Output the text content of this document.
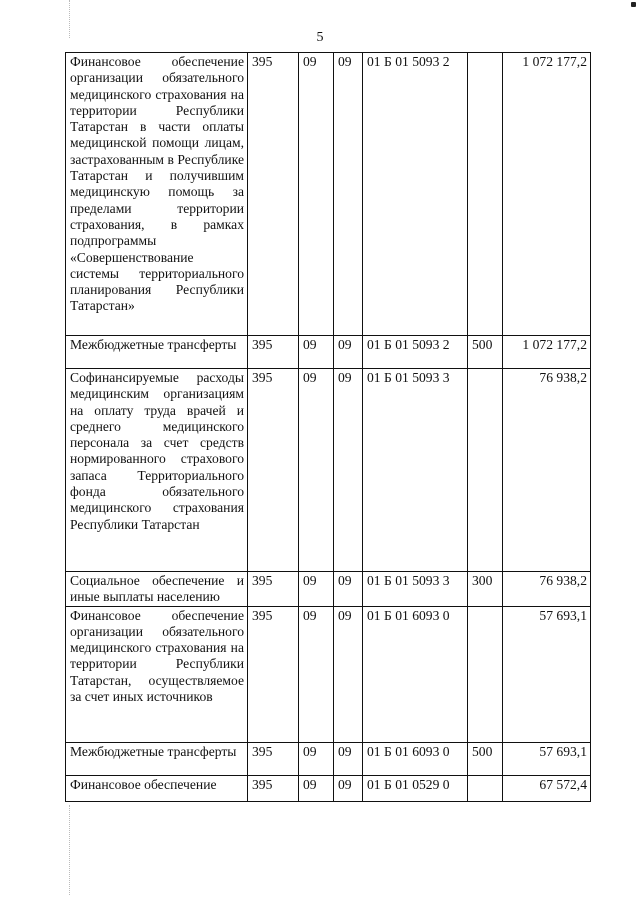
5
Финансовое обеспечение организации обязательного медицинского страхования на территории Республики Татарстан в части оплаты медицинской помощи лицам, застрахованным в Республике Татарстан и получившим медицинскую помощь за пределами территории страхования, в рамках подпрограммы «Совершенствование системы территориального планирования Республики Татарстан»	395	09	09	01 Б 01 5093 2		1 072 177,2
Межбюджетные трансферты	395	09	09	01 Б 01 5093 2	500	1 072 177,2
Софинансируемые расходы медицинским организациям на оплату труда врачей и среднего медицинского персонала за счет средств нормированного страхового запаса Территориального фонда обязательного медицинского страхования Республики Татарстан	395	09	09	01 Б 01 5093 3		76 938,2
Социальное обеспечение и иные выплаты населению	395	09	09	01 Б 01 5093 3	300	76 938,2
Финансовое обеспечение организации обязательного медицинского страхования на территории Республики Татарстан, осуществляемое за счет иных источников	395	09	09	01 Б 01 6093 0		57 693,1
Межбюджетные трансферты	395	09	09	01 Б 01 6093 0	500	57 693,1
Финансовое обеспечение	395	09	09	01 Б 01 0529 0		67 572,4
